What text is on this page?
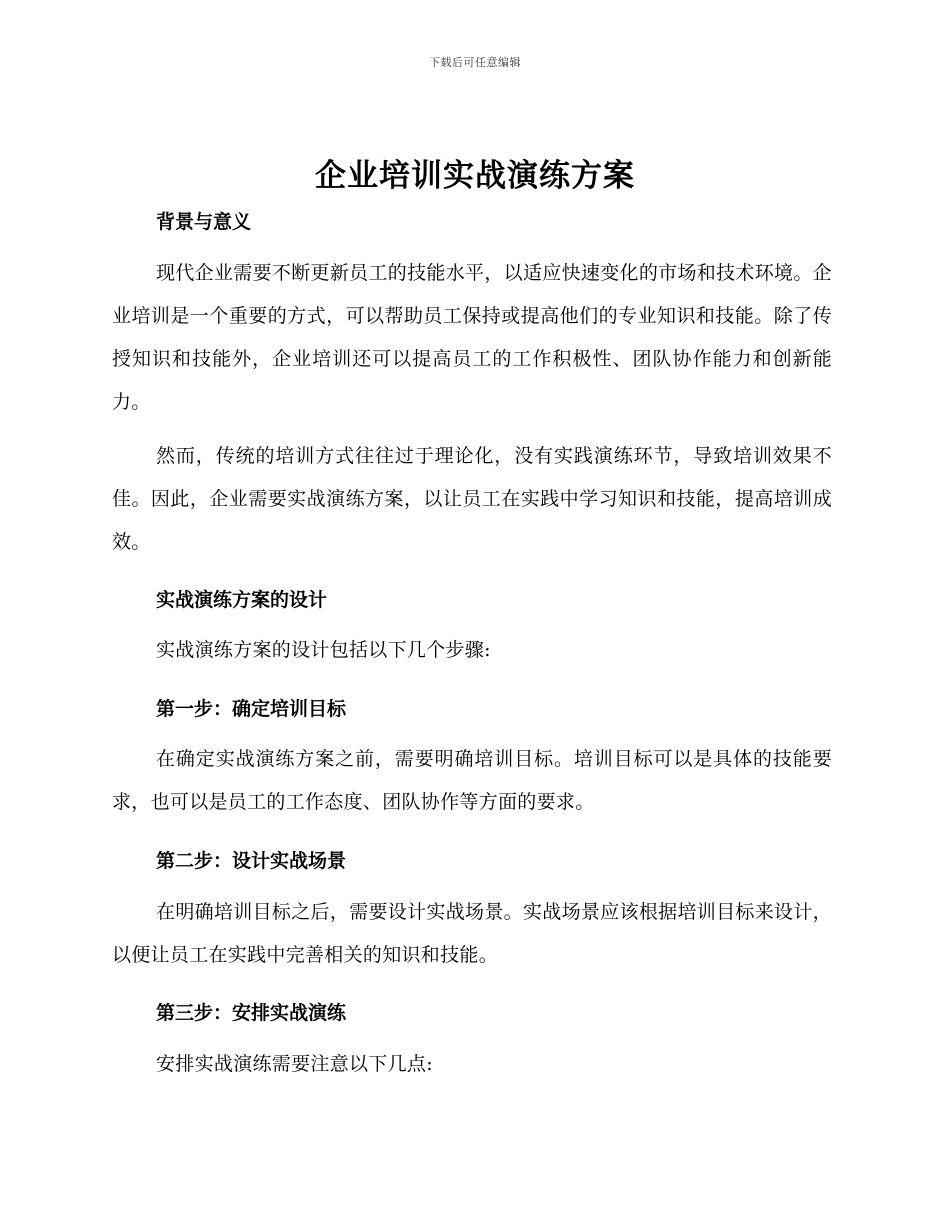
下载后可任意编辑
企业培训实战演练方案
背景与意义

现代企业需要不断更新员工的技能水平，以适应快速变化的市场和技术环境。企业培训是一个重要的方式，可以帮助员工保持或提高他们的专业知识和技能。除了传授知识和技能外，企业培训还可以提高员工的工作积极性、团队协作能力和创新能力。

然而，传统的培训方式往往过于理论化，没有实践演练环节，导致培训效果不佳。因此，企业需要实战演练方案，以让员工在实践中学习知识和技能，提高培训成效。

实战演练方案的设计

实战演练方案的设计包括以下几个步骤:

第一步：确定培训目标

在确定实战演练方案之前，需要明确培训目标。培训目标可以是具体的技能要求，也可以是员工的工作态度、团队协作等方面的要求。

第二步：设计实战场景

在明确培训目标之后，需要设计实战场景。实战场景应该根据培训目标来设计，以便让员工在实践中完善相关的知识和技能。

第三步：安排实战演练

安排实战演练需要注意以下几点:
